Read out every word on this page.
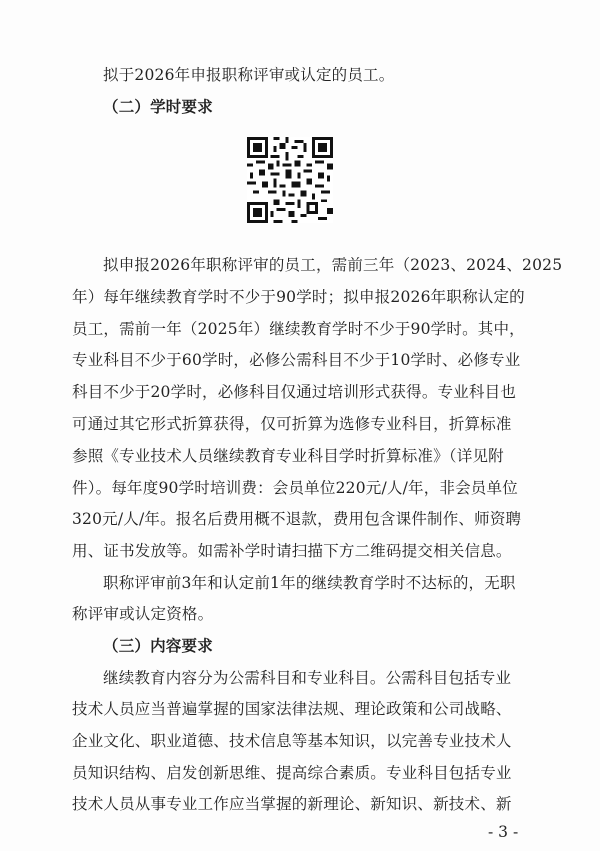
拟于2026年申报职称评审或认定的员工。
（二）学时要求
拟申报2026年职称评审的员工，需前三年（2023、2024、2025
年）每年继续教育学时不少于90学时；拟申报2026年职称认定的
员工，需前一年（2025年）继续教育学时不少于90学时。其中，
专业科目不少于60学时，必修公需科目不少于10学时、必修专业
科目不少于20学时，必修科目仅通过培训形式获得。专业科目也
可通过其它形式折算获得，仅可折算为选修专业科目，折算标准
参照《专业技术人员继续教育专业科目学时折算标准》（详见附
件）。每年度90学时培训费：会员单位220元/人/年，非会员单位
320元/人/年。报名后费用概不退款，费用包含课件制作、师资聘
用、证书发放等。如需补学时请扫描下方二维码提交相关信息。
职称评审前3年和认定前1年的继续教育学时不达标的，无职
称评审或认定资格。
（三）内容要求
继续教育内容分为公需科目和专业科目。公需科目包括专业
技术人员应当普遍掌握的国家法律法规、理论政策和公司战略、
企业文化、职业道德、技术信息等基本知识，以完善专业技术人
员知识结构、启发创新思维、提高综合素质。专业科目包括专业
技术人员从事专业工作应当掌握的新理论、新知识、新技术、新
- 3 -
